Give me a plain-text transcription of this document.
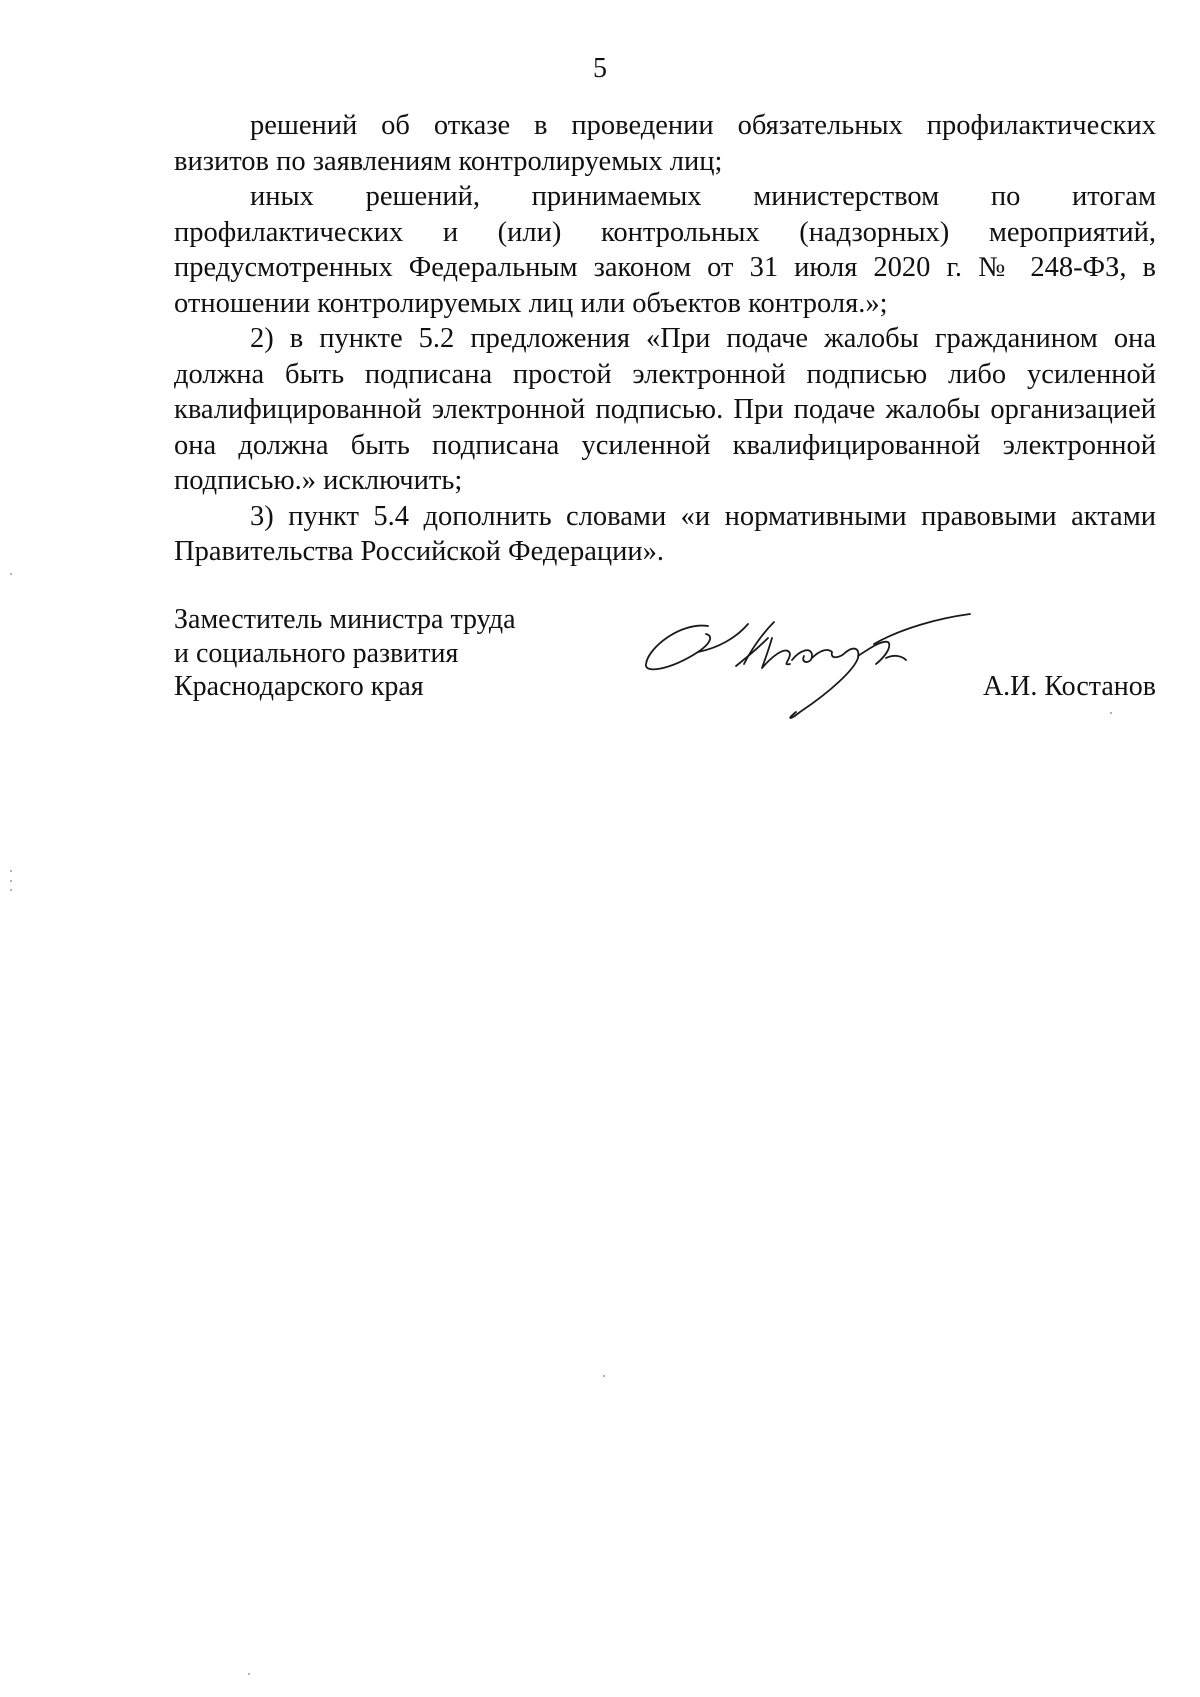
5

решений об отказе в проведении обязательных профилактических визитов по заявлениям контролируемых лиц;

иных решений, принимаемых министерством по итогам профилактических и (или) контрольных (надзорных) мероприятий, предусмотренных Федеральным законом от 31 июля 2020 г. № 248-ФЗ, в отношении контролируемых лиц или объектов контроля.»;

2) в пункте 5.2 предложения «При подаче жалобы гражданином она должна быть подписана простой электронной подписью либо усиленной квалифицированной электронной подписью. При подаче жалобы организацией она должна быть подписана усиленной квалифицированной электронной подписью.» исключить;

3) пункт 5.4 дополнить словами «и нормативными правовыми актами Правительства Российской Федерации».

Заместитель министра труда
и социального развития
Краснодарского края	А.И. Костанов
